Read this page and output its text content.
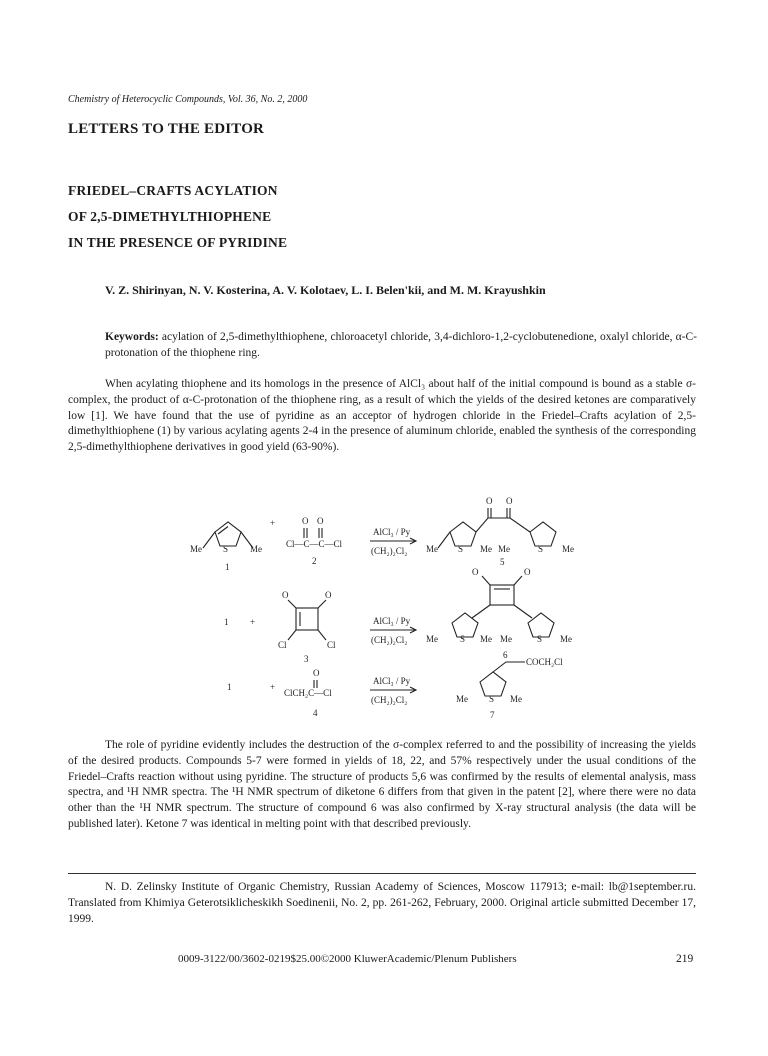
Chemistry of Heterocyclic Compounds, Vol. 36, No. 2, 2000
LETTERS TO THE EDITOR
FRIEDEL–CRAFTS ACYLATION
OF 2,5-DIMETHYLTHIOPHENE
IN THE PRESENCE OF PYRIDINE
V. Z. Shirinyan, N. V. Kosterina, A. V. Kolotaev, L. I. Belen'kii, and M. M. Krayushkin
Keywords: acylation of 2,5-dimethylthiophene, chloroacetyl chloride, 3,4-dichloro-1,2-cyclobutenedione, oxalyl chloride, α-C-protonation of the thiophene ring.
When acylating thiophene and its homologs in the presence of AlCl₃ about half of the initial compound is bound as a stable σ-complex, the product of α-C-protonation of the thiophene ring, as a result of which the yields of the desired ketones are comparatively low [1]. We have found that the use of pyridine as an acceptor of hydrogen chloride in the Friedel–Crafts acylation of 2,5-dimethylthiophene (1) by various acylating agents 2-4 in the presence of aluminum chloride, enabled the synthesis of the corresponding 2,5-dimethylthiophene derivatives in good yield (63-90%).
Me S Me
1
+	O O
Cl—C—C—Cl
2
AlCl₃ / Py
(CH₂)₂Cl₂
O O
Me S Me Me	S Me
5
1 +
O	O
Cl	Cl
3
AlCl₃ / Py
(CH₂)₂Cl₂
O	O
Me S Me Me	S Me
6
1	+
O
ClCH₂C—Cl
4
AlCl₃ / Py
(CH₂)₂Cl₂
COCH₂Cl
Me S Me
7
The role of pyridine evidently includes the destruction of the σ-complex referred to and the possibility of increasing the yields of the desired products. Compounds 5-7 were formed in yields of 18, 22, and 57% respectively under the usual conditions of the Friedel–Crafts reaction without using pyridine. The structure of products 5,6 was confirmed by the results of elemental analysis, mass spectra, and ¹H NMR spectra. The ¹H NMR spectrum of diketone 6 differs from that given in the patent [2], where there were no data other than the ¹H NMR spectrum. The structure of compound 6 was also confirmed by X-ray structural analysis (the data will be published later). Ketone 7 was identical in melting point with that described previously.
N. D. Zelinsky Institute of Organic Chemistry, Russian Academy of Sciences, Moscow 117913; e-mail: lb@1september.ru. Translated from Khimiya Geterotsiklicheskikh Soedinenii, No. 2, pp. 261-262, February, 2000. Original article submitted December 17, 1999.
0009-3122/00/3602-0219$25.00©2000 KluwerAcademic/Plenum Publishers	219
